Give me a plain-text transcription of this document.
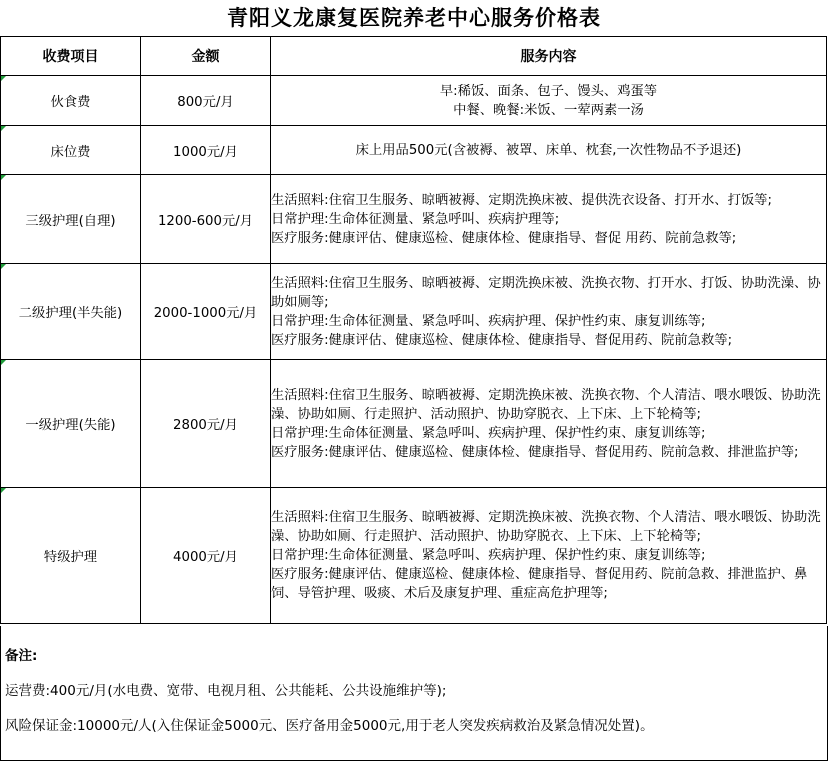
青阳义龙康复医院养老中心服务价格表
收费项目	金额	服务内容
伙食费	800元/月	早:稀饭、面条、包子、馒头、鸡蛋等
中餐、晚餐:米饭、一荤两素一汤

床位费	1000元/月	床上用品500元(含被褥、被罩、床单、枕套,一次性物品不予退还)

三级护理(自理)	1200-600元/月	生活照料:住宿卫生服务、晾晒被褥、定期洗换床被、提供洗衣设备、打开水、打饭等;
日常护理:生命体征测量、紧急呼叫、疾病护理等;
医疗服务:健康评估、健康巡检、健康体检、健康指导、督促 用药、院前急救等;

二级护理(半失能)	2000-1000元/月	生活照料:住宿卫生服务、晾晒被褥、定期洗换床被、洗换衣物、打开水、打饭、协助洗澡、协助如厕等;
日常护理:生命体征测量、紧急呼叫、疾病护理、保护性约束、康复训练等;
医疗服务:健康评估、健康巡检、健康体检、健康指导、督促用药、院前急救等;

一级护理(失能)	2800元/月	生活照料:住宿卫生服务、晾晒被褥、定期洗换床被、洗换衣物、个人清洁、喂水喂饭、协助洗澡、协助如厕、行走照护、活动照护、协助穿脱衣、上下床、上下轮椅等;
日常护理:生命体征测量、紧急呼叫、疾病护理、保护性约束、康复训练等;
医疗服务:健康评估、健康巡检、健康体检、健康指导、督促用药、院前急救、排泄监护等;

特级护理	4000元/月	生活照料:住宿卫生服务、晾晒被褥、定期洗换床被、洗换衣物、个人清洁、喂水喂饭、协助洗澡、协助如厕、行走照护、活动照护、协助穿脱衣、上下床、上下轮椅等;
日常护理:生命体征测量、紧急呼叫、疾病护理、保护性约束、康复训练等;
医疗服务:健康评估、健康巡检、健康体检、健康指导、督促用药、院前急救、排泄监护、鼻饲、导管护理、吸痰、术后及康复护理、重症高危护理等;
备注:
运营费:400元/月(水电费、宽带、电视月租、公共能耗、公共设施维护等);
风险保证金:10000元/人(入住保证金5000元、医疗备用金5000元,用于老人突发疾病救治及紧急情况处置)。
